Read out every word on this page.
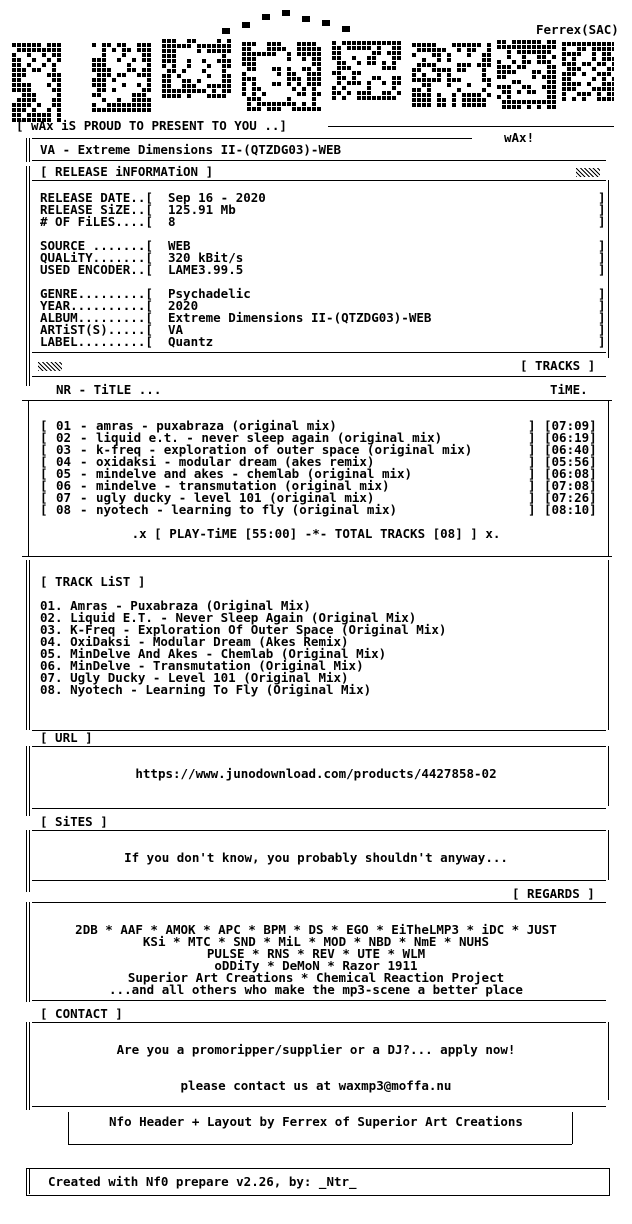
Ferrex(SAC)
[ wAx iS PROUD TO PRESENT TO YOU ..]
wAx!
VA - Extreme Dimensions II-(QTZDG03)-WEB
[ RELEASE iNFORMATiON ]
[ TRACKS ]
NR - TiTLE ...	TiME.
.x [ PLAY-TiME [55:00] -*- TOTAL TRACKS [08] ] x.
[ TRACK LiST ]
[ URL ]
https://www.junodownload.com/products/4427858-02
[ SiTES ]
If you don't know, you probably shouldn't anyway...
[ REGARDS ]
[ CONTACT ]
Are you a promoripper/supplier or a DJ?... apply now!
please contact us at waxmp3@moffa.nu
Nfo Header + Layout by Ferrex of Superior Art Creations
Created with Nf0 prepare v2.26, by: _Ntr_
RELEASE DATE..[ Sep 16 - 2020	]
RELEASE SiZE..[ 125.91 Mb	]
# OF FiLES....[ 8	]
SOURCE .......[ WEB	]
QUALiTY.......[ 320 kBit/s	]
USED ENCODER..[ LAME3.99.5	]
GENRE.........[ Psychadelic	]
YEAR..........[ 2020	]
ALBUM.........[ Extreme Dimensions II-(QTZDG03)-WEB	]
ARTiST(S).....[ VA	]
LABEL.........[ Quantz	]
[ 01 - amras - puxabraza (original mix)	] [07:09]
[ 02 - liquid e.t. - never sleep again (original mix)	] [06:19]
[ 03 - k-freq - exploration of outer space (original mix)	] [06:40]
[ 04 - oxidaksi - modular dream (akes remix)	] [05:56]
[ 05 - mindelve and akes - chemlab (original mix)	] [06:08]
[ 06 - mindelve - transmutation (original mix)	] [07:08]
[ 07 - ugly ducky - level 101 (original mix)	] [07:26]
[ 08 - nyotech - learning to fly (original mix)	] [08:10]
01. Amras - Puxabraza (Original Mix)
02. Liquid E.T. - Never Sleep Again (Original Mix)
03. K-Freq - Exploration Of Outer Space (Original Mix)
04. OxiDaksi - Modular Dream (Akes Remix)
05. MinDelve And Akes - Chemlab (Original Mix)
06. MinDelve - Transmutation (Original Mix)
07. Ugly Ducky - Level 101 (Original Mix)
08. Nyotech - Learning To Fly (Original Mix)
2DB * AAF * AMOK * APC * BPM * DS * EGO * EiTheLMP3 * iDC * JUST
KSi * MTC * SND * MiL * MOD * NBD * NmE * NUHS
PULSE * RNS * REV * UTE * WLM
oDDiTy * DeMoN * Razor 1911
Superior Art Creations * Chemical Reaction Project
...and all others who make the mp3-scene a better place
